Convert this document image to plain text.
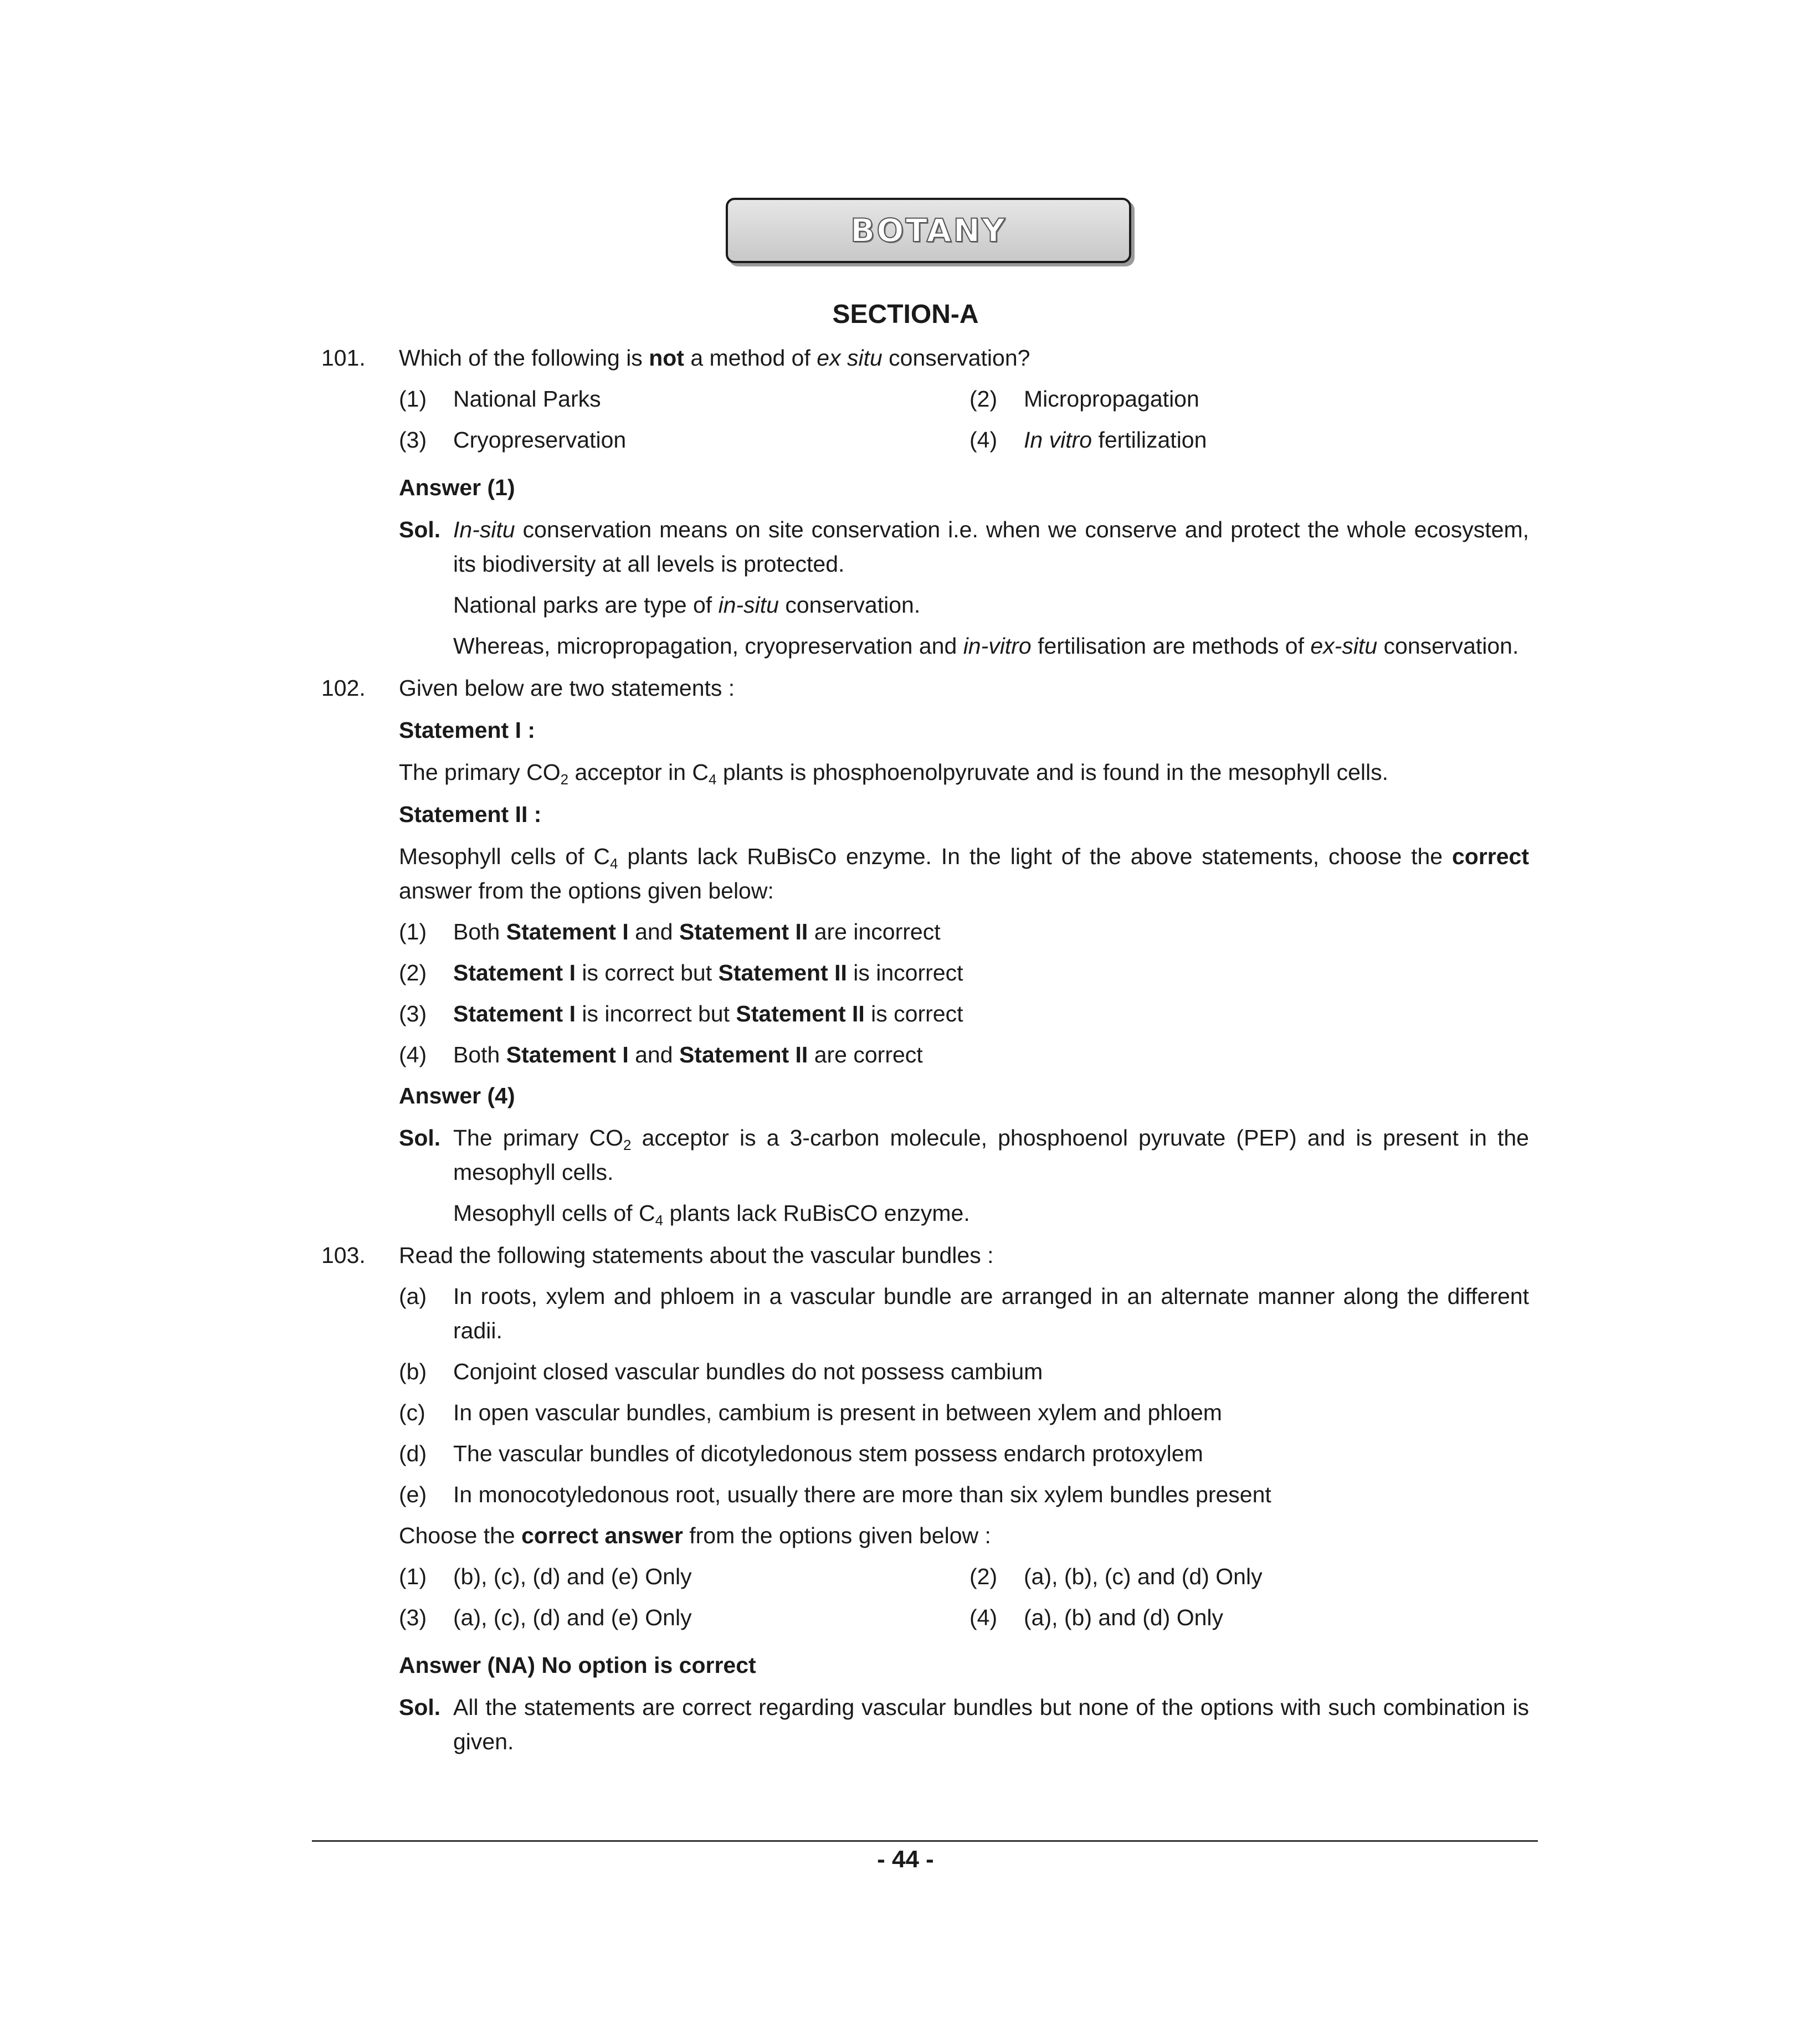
BOTANY
SECTION-A
101. Which of the following is not a method of ex situ conservation?
(1) National Parks	(2) Micropropagation
(3) Cryopreservation	(4) In vitro fertilization
Answer (1)
Sol. In-situ conservation means on site conservation i.e. when we conserve and protect the whole ecosystem, its biodiversity at all levels is protected.

National parks are type of in-situ conservation.

Whereas, micropropagation, cryopreservation and in-vitro fertilisation are methods of ex-situ conservation.

102. Given below are two statements :
Statement I :
The primary $CO_2$ acceptor in $C_4$ plants is phosphoenolpyruvate and is found in the mesophyll cells.
Statement II :
Mesophyll cells of $C_4$ plants lack RuBisCo enzyme. In the light of the above statements, choose the correct answer from the options given below:
(1) Both Statement I and Statement II are incorrect
(2) Statement I is correct but Statement II is incorrect
(3) Statement I is incorrect but Statement II is correct
(4) Both Statement I and Statement II are correct
Answer (4)
Sol. The primary $CO_2$ acceptor is a 3-carbon molecule, phosphoenol pyruvate (PEP) and is present in the mesophyll cells.

Mesophyll cells of $C_4$ plants lack RuBisCO enzyme.

103. Read the following statements about the vascular bundles :
(a) In roots, xylem and phloem in a vascular bundle are arranged in an alternate manner along the different radii.
(b) Conjoint closed vascular bundles do not possess cambium
(c) In open vascular bundles, cambium is present in between xylem and phloem
(d) The vascular bundles of dicotyledonous stem possess endarch protoxylem
(e) In monocotyledonous root, usually there are more than six xylem bundles present
Choose the correct answer from the options given below :
(1) (b), (c), (d) and (e) Only	(2) (a), (b), (c) and (d) Only
(3) (a), (c), (d) and (e) Only	(4) (a), (b) and (d) Only
Answer (NA) No option is correct
Sol. All the statements are correct regarding vascular bundles but none of the options with such combination is given.

- 44 -
